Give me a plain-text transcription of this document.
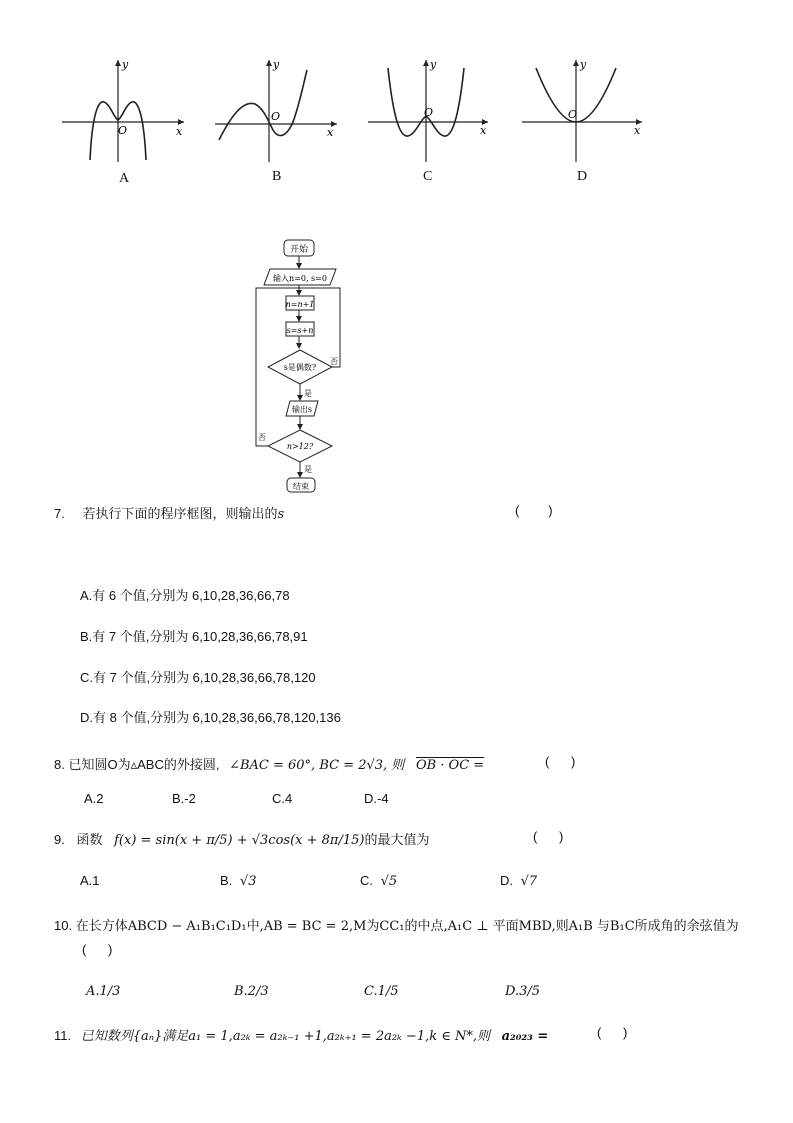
x
y
O
A
x
y
O
B
x
y
O
C
x
y
O
D
开始
输入n=0, s=0
n=n+1
s=s+n
s是偶数?
否
是
输出s
n>12?
否
是
结束
7. 若执行下面的程序框图，则输出的s	(        )
A.有 6 个值,分别为 6,10,28,36,66,78
B.有 7 个值,分别为 6,10,28,36,66,78,91
C.有 7 个值,分别为 6,10,28,36,66,78,120
D.有 8 个值,分别为 6,10,28,36,66,78,120,136
8. 已知圆O为▵ABC的外接圆, ∠BAC = 60°, BC = 2√3, 则 OB · OC =	(      )
A.2	B.-2	C.4	D.-4
9. 函数 f(x) = sin(x + π/5) + √3cos(x + 8π/15)的最大值为	(      )
A.1	B. √3	C. √5	D. √7
10. 在长方体ABCD − A₁B₁C₁D₁中,AB = BC = 2,M为CC₁的中点,A₁C ⊥ 平面MBD,则A₁B 与B₁C所成角的余弦值为
(      )
A.1/3	B.2/3	C.1/5	D.3/5
11. 已知数列{aₙ}满足a₁ = 1,a₂ₖ = a₂ₖ₋₁ +1,a₂ₖ₊₁ = 2a₂ₖ −1,k ∈ N*,则 a₂₀₂₃ =	(      )
